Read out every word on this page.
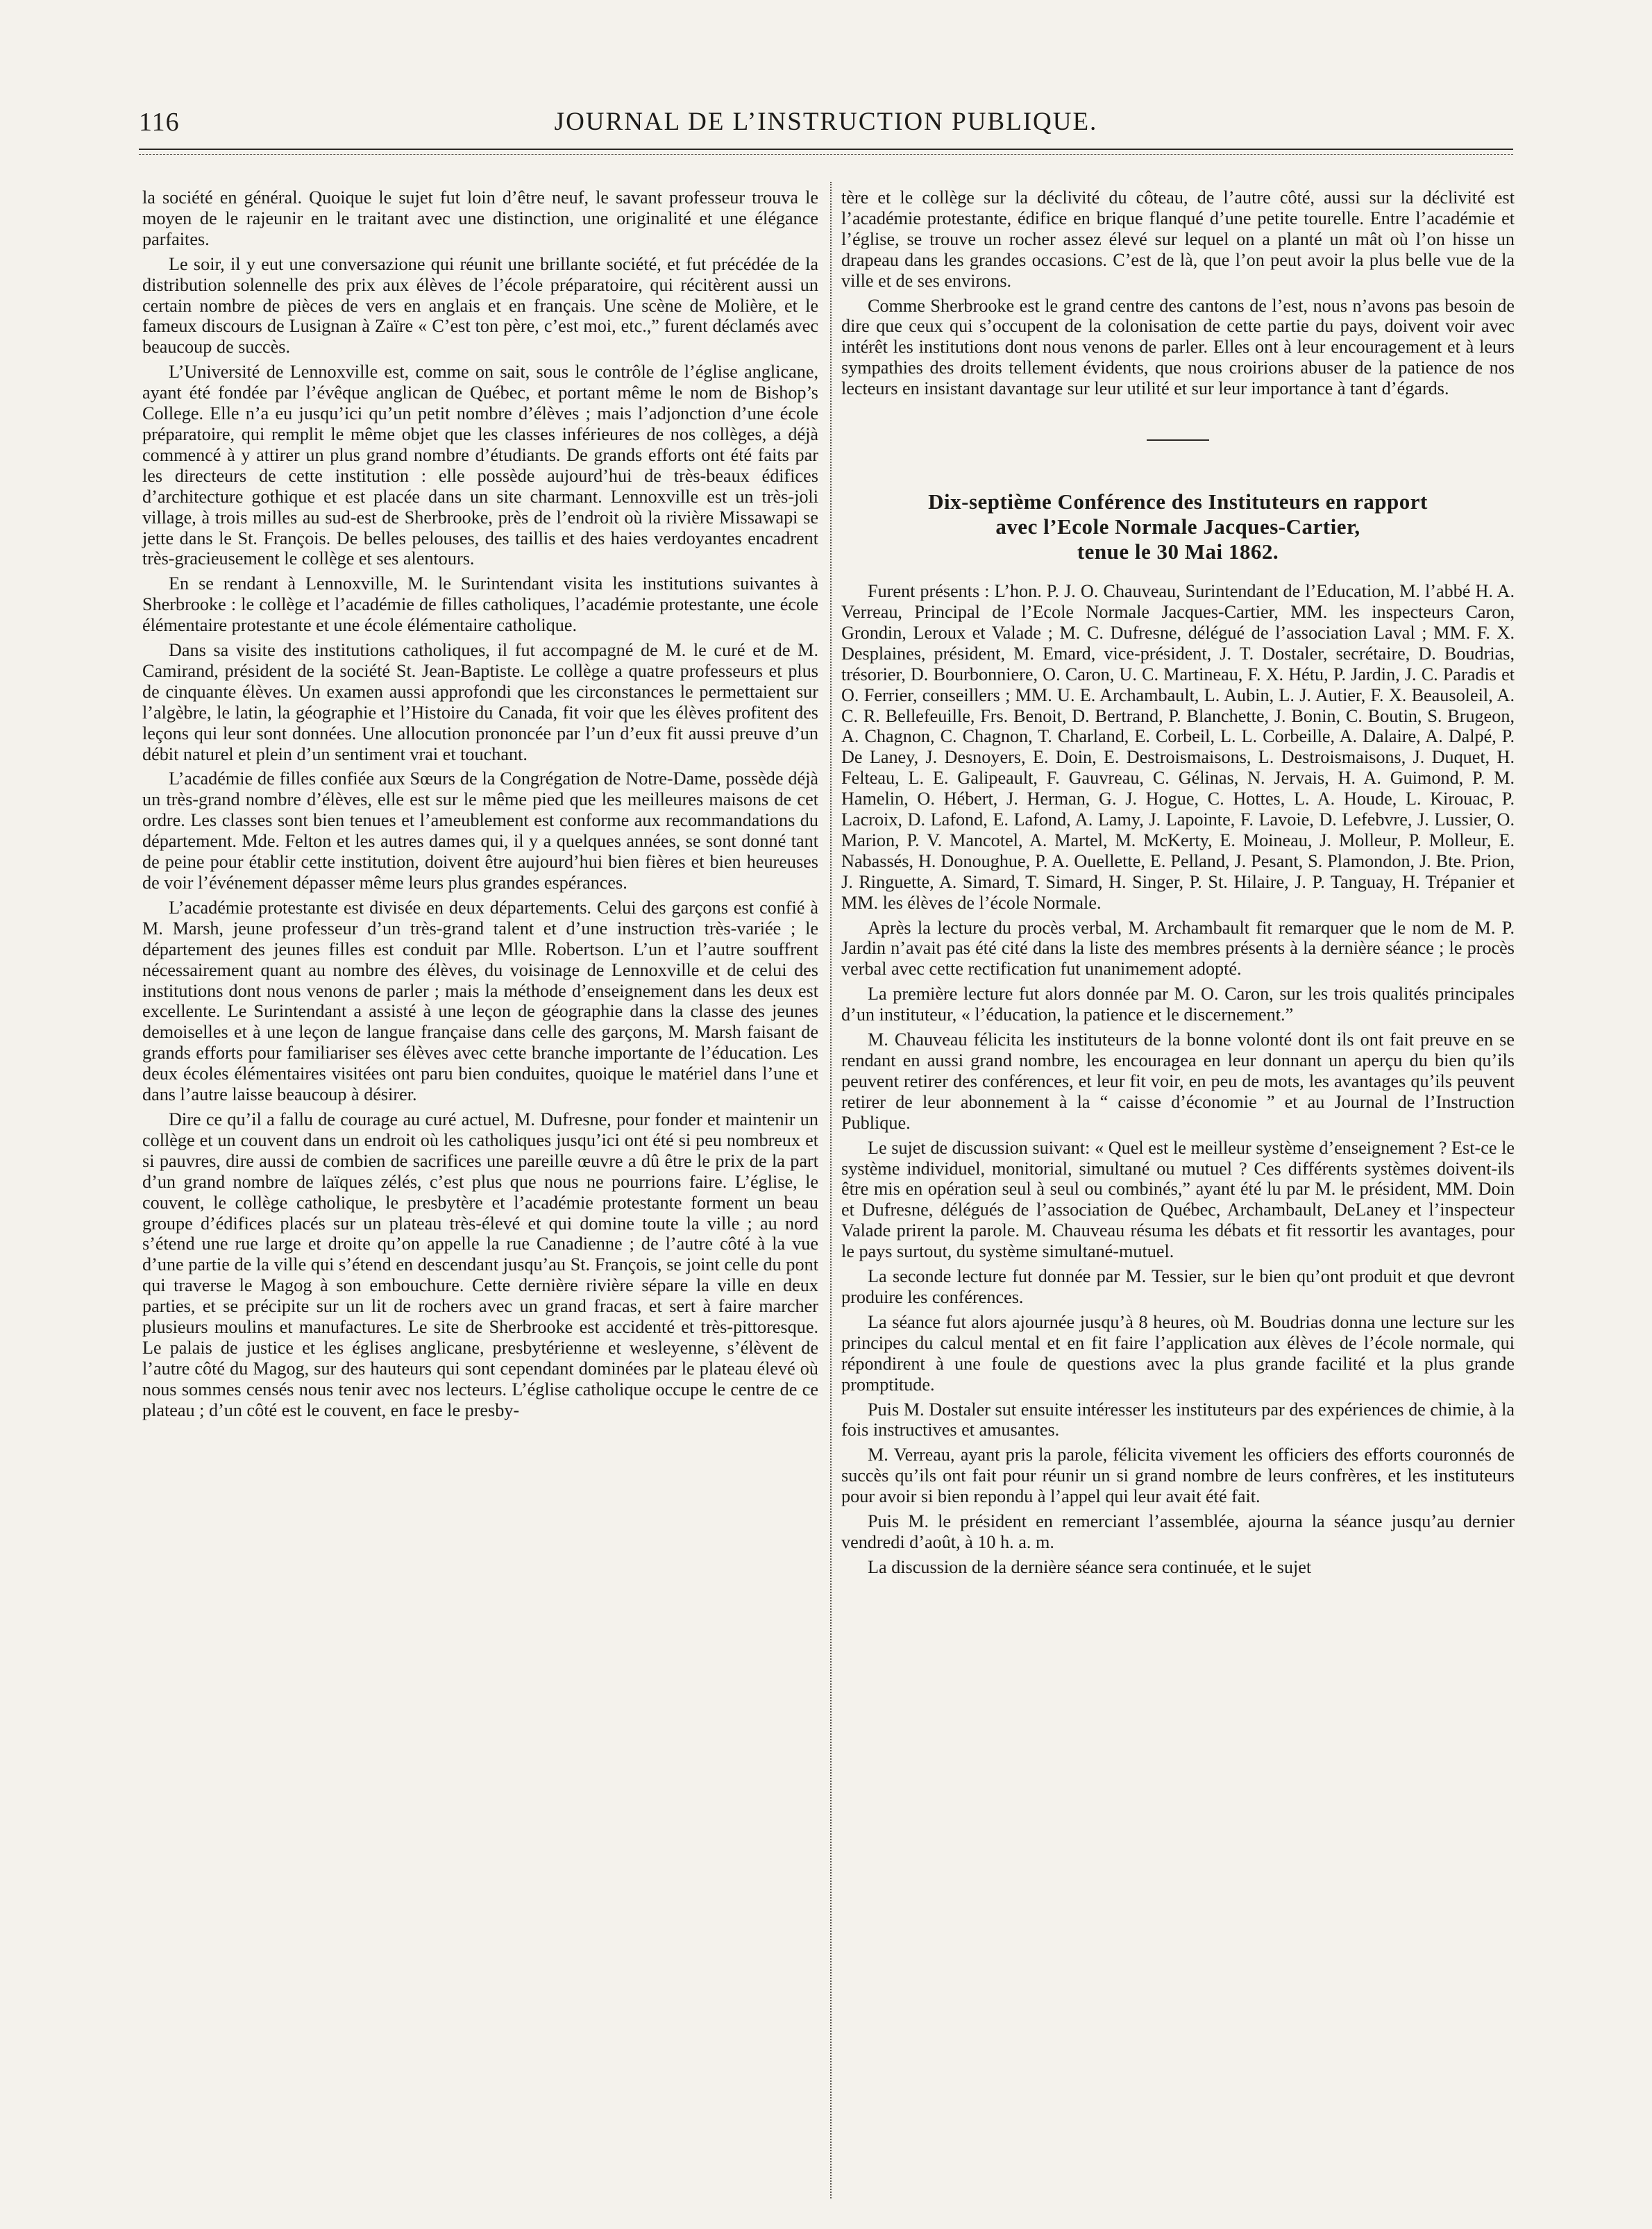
116	JOURNAL DE L’INSTRUCTION PUBLIQUE.

la société en général. Quoique le sujet fut loin d’être neuf, le savant professeur trouva le moyen de le rajeunir en le traitant avec une distinction, une originalité et une élégance parfaites.

Le soir, il y eut une conversazione qui réunit une brillante société, et fut précédée de la distribution solennelle des prix aux élèves de l’école préparatoire, qui récitèrent aussi un certain nombre de pièces de vers en anglais et en français. Une scène de Molière, et le fameux discours de Lusignan à Zaïre « C’est ton père, c’est moi, etc.,” furent déclamés avec beaucoup de succès.

L’Université de Lennoxville est, comme on sait, sous le contrôle de l’église anglicane, ayant été fondée par l’évêque anglican de Québec, et portant même le nom de Bishop’s College. Elle n’a eu jusqu’ici qu’un petit nombre d’élèves ; mais l’adjonction d’une école préparatoire, qui remplit le même objet que les classes inférieures de nos collèges, a déjà commencé à y attirer un plus grand nombre d’étudiants. De grands efforts ont été faits par les directeurs de cette institution : elle possède aujourd’hui de très-beaux édifices d’architecture gothique et est placée dans un site charmant. Lennoxville est un très-joli village, à trois milles au sud-est de Sherbrooke, près de l’endroit où la rivière Missawapi se jette dans le St. François. De belles pelouses, des taillis et des haies verdoyantes encadrent très-gracieusement le collège et ses alentours.

En se rendant à Lennoxville, M. le Surintendant visita les institutions suivantes à Sherbrooke : le collège et l’académie de filles catholiques, l’académie protestante, une école élémentaire protestante et une école élémentaire catholique.

Dans sa visite des institutions catholiques, il fut accompagné de M. le curé et de M. Camirand, président de la société St. Jean-Baptiste. Le collège a quatre professeurs et plus de cinquante élèves. Un examen aussi approfondi que les circonstances le permettaient sur l’algèbre, le latin, la géographie et l’Histoire du Canada, fit voir que les élèves profitent des leçons qui leur sont données. Une allocution prononcée par l’un d’eux fit aussi preuve d’un débit naturel et plein d’un sentiment vrai et touchant.

L’académie de filles confiée aux Sœurs de la Congrégation de Notre-Dame, possède déjà un très-grand nombre d’élèves, elle est sur le même pied que les meilleures maisons de cet ordre. Les classes sont bien tenues et l’ameublement est conforme aux recommandations du département. Mde. Felton et les autres dames qui, il y a quelques années, se sont donné tant de peine pour établir cette institution, doivent être aujourd’hui bien fières et bien heureuses de voir l’événement dépasser même leurs plus grandes espérances.

L’académie protestante est divisée en deux départements. Celui des garçons est confié à M. Marsh, jeune professeur d’un très-grand talent et d’une instruction très-variée ; le département des jeunes filles est conduit par Mlle. Robertson. L’un et l’autre souffrent nécessairement quant au nombre des élèves, du voisinage de Lennoxville et de celui des institutions dont nous venons de parler ; mais la méthode d’enseignement dans les deux est excellente. Le Surintendant a assisté à une leçon de géographie dans la classe des jeunes demoiselles et à une leçon de langue française dans celle des garçons, M. Marsh faisant de grands efforts pour familiariser ses élèves avec cette branche importante de l’éducation. Les deux écoles élémentaires visitées ont paru bien conduites, quoique le matériel dans l’une et dans l’autre laisse beaucoup à désirer.

Dire ce qu’il a fallu de courage au curé actuel, M. Dufresne, pour fonder et maintenir un collège et un couvent dans un endroit où les catholiques jusqu’ici ont été si peu nombreux et si pauvres, dire aussi de combien de sacrifices une pareille œuvre a dû être le prix de la part d’un grand nombre de laïques zélés, c’est plus que nous ne pourrions faire. L’église, le couvent, le collège catholique, le presbytère et l’académie protestante forment un beau groupe d’édifices placés sur un plateau très-élevé et qui domine toute la ville ; au nord s’étend une rue large et droite qu’on appelle la rue Canadienne ; de l’autre côté à la vue d’une partie de la ville qui s’étend en descendant jusqu’au St. François, se joint celle du pont qui traverse le Magog à son embouchure. Cette dernière rivière sépare la ville en deux parties, et se précipite sur un lit de rochers avec un grand fracas, et sert à faire marcher plusieurs moulins et manufactures. Le site de Sherbrooke est accidenté et très-pittoresque. Le palais de justice et les églises anglicane, presbytérienne et wesleyenne, s’élèvent de l’autre côté du Magog, sur des hauteurs qui sont cependant dominées par le plateau élevé où nous sommes censés nous tenir avec nos lecteurs. L’église catholique occupe le centre de ce plateau ; d’un côté est le couvent, en face le presby-

tère et le collège sur la déclivité du côteau, de l’autre côté, aussi sur la déclivité est l’académie protestante, édifice en brique flanqué d’une petite tourelle. Entre l’académie et l’église, se trouve un rocher assez élevé sur lequel on a planté un mât où l’on hisse un drapeau dans les grandes occasions. C’est de là, que l’on peut avoir la plus belle vue de la ville et de ses environs.

Comme Sherbrooke est le grand centre des cantons de l’est, nous n’avons pas besoin de dire que ceux qui s’occupent de la colonisation de cette partie du pays, doivent voir avec intérêt les institutions dont nous venons de parler. Elles ont à leur encouragement et à leurs sympathies des droits tellement évidents, que nous croirions abuser de la patience de nos lecteurs en insistant davantage sur leur utilité et sur leur importance à tant d’égards.

Dix-septième Conférence des Instituteurs en rapport
avec l’Ecole Normale Jacques-Cartier,
tenue le 30 Mai 1862.

Furent présents : L’hon. P. J. O. Chauveau, Surintendant de l’Education, M. l’abbé H. A. Verreau, Principal de l’Ecole Normale Jacques-Cartier, MM. les inspecteurs Caron, Grondin, Leroux et Valade ; M. C. Dufresne, délégué de l’association Laval ; MM. F. X. Desplaines, président, M. Emard, vice-président, J. T. Dostaler, secrétaire, D. Boudrias, trésorier, D. Bourbonniere, O. Caron, U. C. Martineau, F. X. Hétu, P. Jardin, J. C. Paradis et O. Ferrier, conseillers ; MM. U. E. Archambault, L. Aubin, L. J. Autier, F. X. Beausoleil, A. C. R. Bellefeuille, Frs. Benoit, D. Bertrand, P. Blanchette, J. Bonin, C. Boutin, S. Brugeon, A. Chagnon, C. Chagnon, T. Charland, E. Corbeil, L. L. Corbeille, A. Dalaire, A. Dalpé, P. De Laney, J. Desnoyers, E. Doin, E. Destroismaisons, L. Destroismaisons, J. Duquet, H. Felteau, L. E. Galipeault, F. Gauvreau, C. Gélinas, N. Jervais, H. A. Guimond, P. M. Hamelin, O. Hébert, J. Herman, G. J. Hogue, C. Hottes, L. A. Houde, L. Kirouac, P. Lacroix, D. Lafond, E. Lafond, A. Lamy, J. Lapointe, F. Lavoie, D. Lefebvre, J. Lussier, O. Marion, P. V. Mancotel, A. Martel, M. McKerty, E. Moineau, J. Molleur, P. Molleur, E. Nabassés, H. Donoughue, P. A. Ouellette, E. Pelland, J. Pesant, S. Plamondon, J. Bte. Prion, J. Ringuette, A. Simard, T. Simard, H. Singer, P. St. Hilaire, J. P. Tanguay, H. Trépanier et MM. les élèves de l’école Normale.

Après la lecture du procès verbal, M. Archambault fit remarquer que le nom de M. P. Jardin n’avait pas été cité dans la liste des membres présents à la dernière séance ; le procès verbal avec cette rectification fut unanimement adopté.

La première lecture fut alors donnée par M. O. Caron, sur les trois qualités principales d’un instituteur, « l’éducation, la patience et le discernement.”

M. Chauveau félicita les instituteurs de la bonne volonté dont ils ont fait preuve en se rendant en aussi grand nombre, les encouragea en leur donnant un aperçu du bien qu’ils peuvent retirer des conférences, et leur fit voir, en peu de mots, les avantages qu’ils peuvent retirer de leur abonnement à la “ caisse d’économie ” et au Journal de l’Instruction Publique.

Le sujet de discussion suivant: « Quel est le meilleur système d’enseignement ? Est-ce le système individuel, monitorial, simultané ou mutuel ? Ces différents systèmes doivent-ils être mis en opération seul à seul ou combinés,” ayant été lu par M. le président, MM. Doin et Dufresne, délégués de l’association de Québec, Archambault, DeLaney et l’inspecteur Valade prirent la parole. M. Chauveau résuma les débats et fit ressortir les avantages, pour le pays surtout, du système simultané-mutuel.

La seconde lecture fut donnée par M. Tessier, sur le bien qu’ont produit et que devront produire les conférences.

La séance fut alors ajournée jusqu’à 8 heures, où M. Boudrias donna une lecture sur les principes du calcul mental et en fit faire l’application aux élèves de l’école normale, qui répondirent à une foule de questions avec la plus grande facilité et la plus grande promptitude.

Puis M. Dostaler sut ensuite intéresser les instituteurs par des expériences de chimie, à la fois instructives et amusantes.

M. Verreau, ayant pris la parole, félicita vivement les officiers des efforts couronnés de succès qu’ils ont fait pour réunir un si grand nombre de leurs confrères, et les instituteurs pour avoir si bien repondu à l’appel qui leur avait été fait.

Puis M. le président en remerciant l’assemblée, ajourna la séance jusqu’au dernier vendredi d’août, à 10 h. a. m.

La discussion de la dernière séance sera continuée, et le sujet
